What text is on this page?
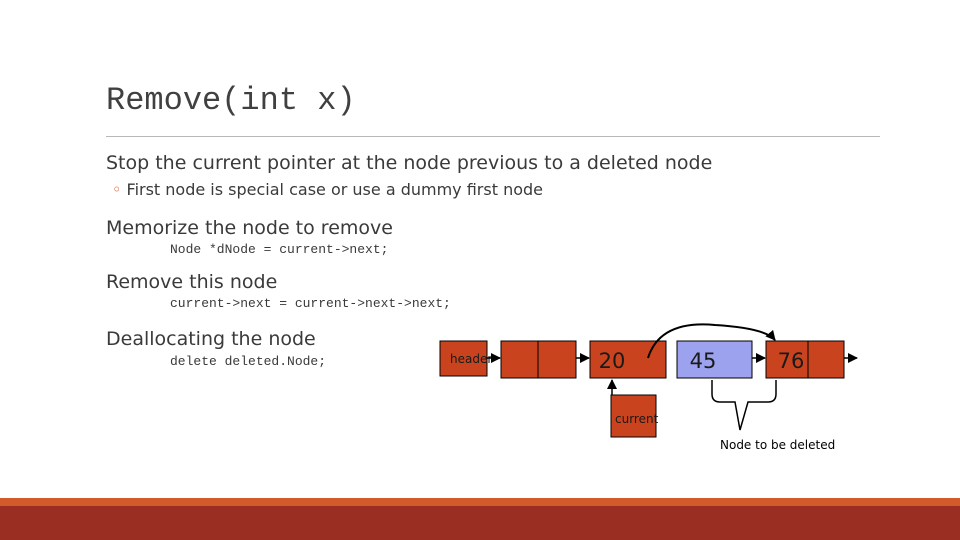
Remove(int x)
Stop the current pointer at the node previous to a deleted node
◦ First node is special case or use a dummy first node
Memorize the node to remove
Node *dNode = current->next;
Remove this node
current->next = current->next->next;
Deallocating the node
delete deleted.Node;	header	20	45	76
current
Node to be deleted
